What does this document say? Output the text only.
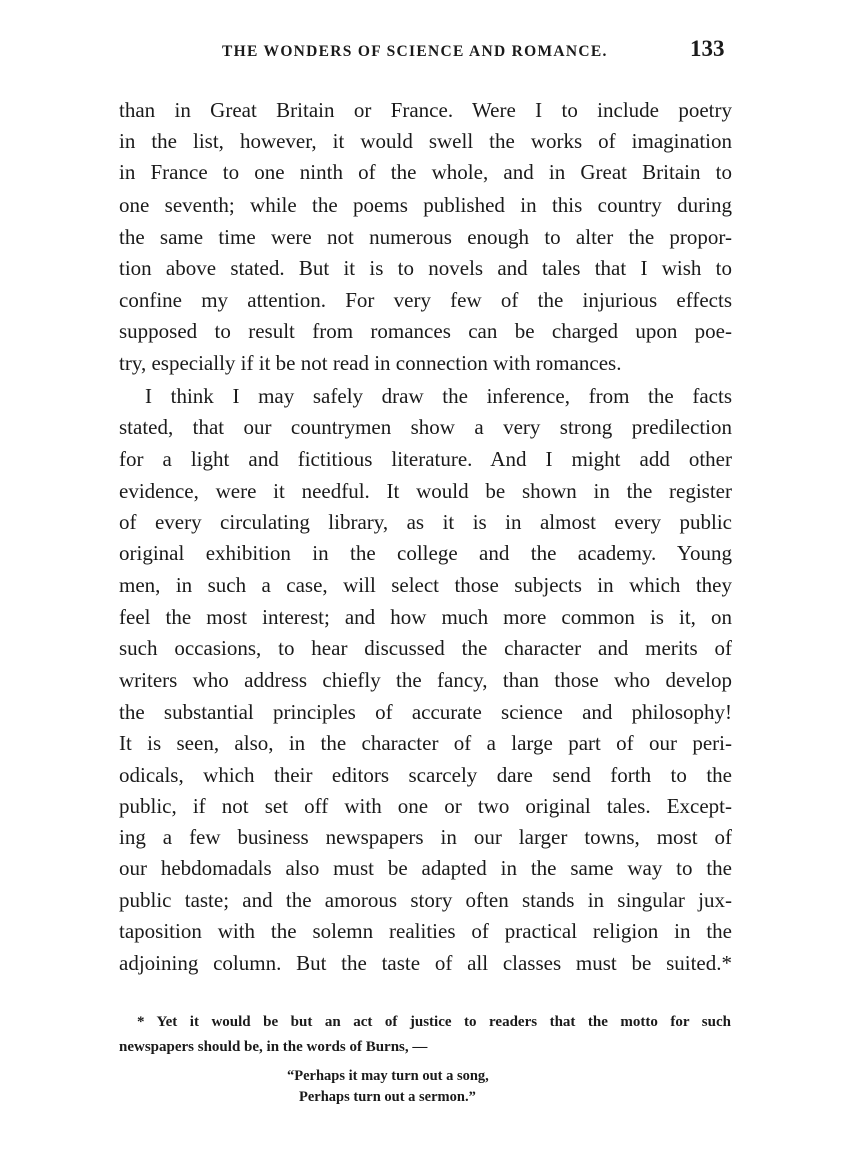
THE WONDERS OF SCIENCE AND ROMANCE.	133
than in Great Britain or France. Were I to include poetry
in the list, however, it would swell the works of imagination
in France to one ninth of the whole, and in Great Britain to
one seventh; while the poems published in this country during
the same time were not numerous enough to alter the propor-
tion above stated. But it is to novels and tales that I wish to
confine my attention. For very few of the injurious effects
supposed to result from romances can be charged upon poe-
try, especially if it be not read in connection with romances.
I think I may safely draw the inference, from the facts
stated, that our countrymen show a very strong predilection
for a light and fictitious literature. And I might add other
evidence, were it needful. It would be shown in the register
of every circulating library, as it is in almost every public
original exhibition in the college and the academy. Young
men, in such a case, will select those subjects in which they
feel the most interest; and how much more common is it, on
such occasions, to hear discussed the character and merits of
writers who address chiefly the fancy, than those who develop
the substantial principles of accurate science and philosophy!
It is seen, also, in the character of a large part of our peri-
odicals, which their editors scarcely dare send forth to the
public, if not set off with one or two original tales. Except-
ing a few business newspapers in our larger towns, most of
our hebdomadals also must be adapted in the same way to the
public taste; and the amorous story often stands in singular jux-
taposition with the solemn realities of practical religion in the
adjoining column. But the taste of all classes must be suited.*
* Yet it would be but an act of justice to readers that the motto for such
newspapers should be, in the words of Burns, —
“Perhaps it may turn out a song,
Perhaps turn out a sermon.”
